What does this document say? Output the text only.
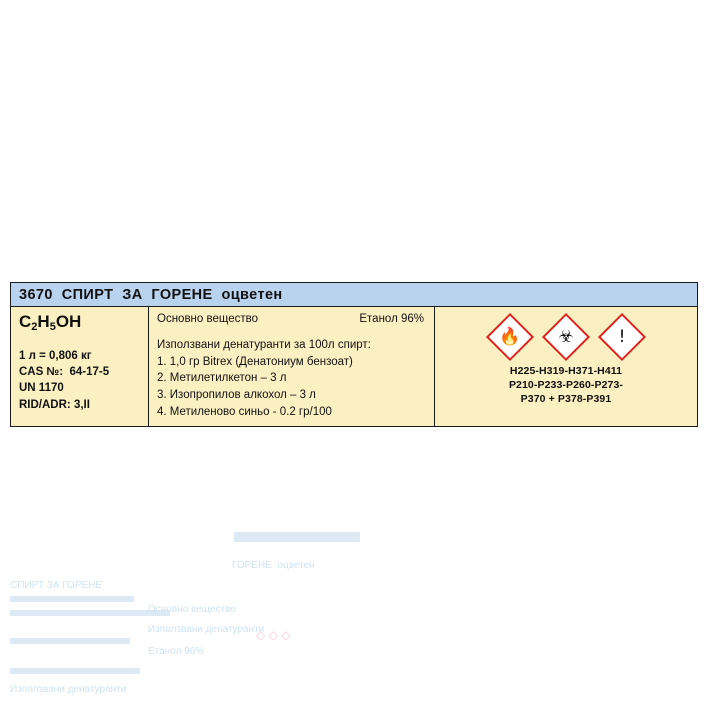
3670  СПИРТ  ЗА  ГОРЕНЕ  оцветен
$C_2H_5OH$
1 л = 0,806 кг
CAS №:  64-17-5
UN 1170
RID/ADR: 3,II
Основно вещество	Етанол 96%
Използвани денатуранти за 100л спирт:
1. 1,0 гр Bitrex (Денатониум бензоат)
2. Метилетилкетон – 3 л
3. Изопропилов алкохол – 3 л
4. Метиленово синьо - 0.2 гр/100
🔥	☣	!
H225-H319-H371-H411
P210-P233-P260-P273-
P370 + P378-P391
ГОРЕНЕ  оцветен
СПИРТ ЗА ГОРЕНЕ
Основно вещество
Използвани денатуранти
Етанол 96%
◇ ◇ ◇
Използвани денатуранти
